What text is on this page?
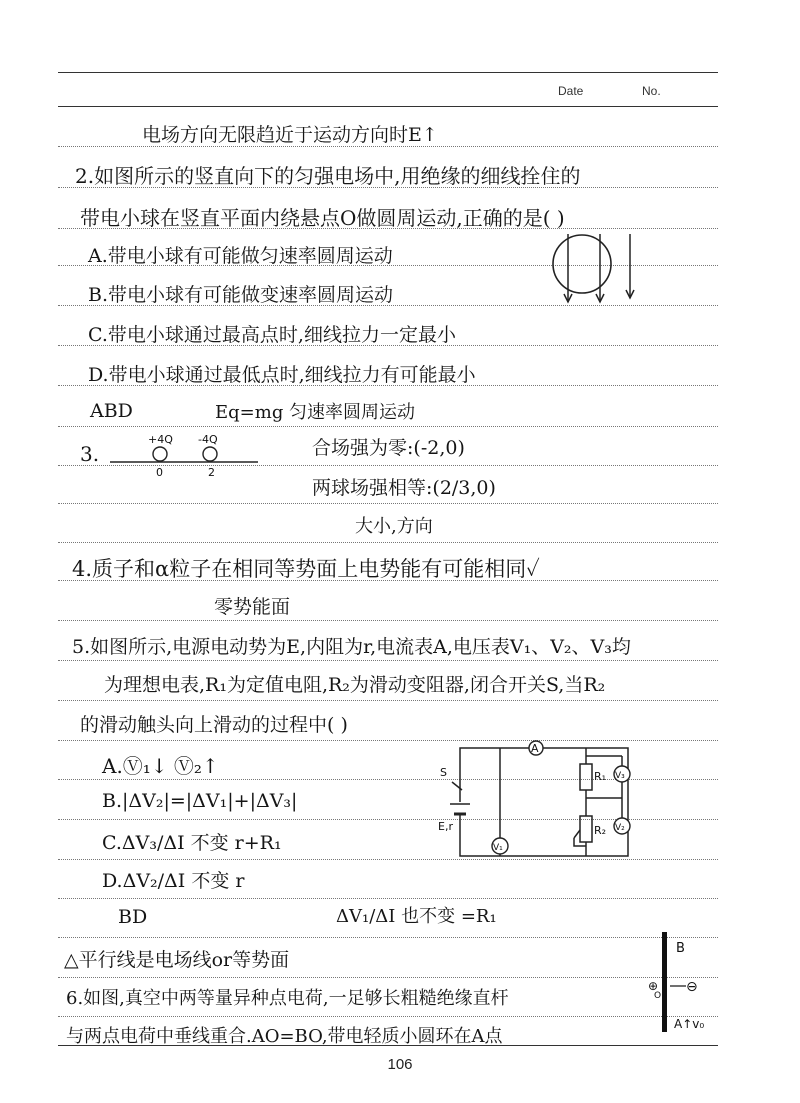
Date	No.
电场方向无限趋近于运动方向时Ε↑
2.如图所示的竖直向下的匀强电场中,用绝缘的细线拴住的
带电小球在竖直平面内绕悬点O做圆周运动,正确的是( )
A.带电小球有可能做匀速率圆周运动
B.带电小球有可能做变速率圆周运动
C.带电小球通过最高点时,细线拉力一定最小
D.带电小球通过最低点时,细线拉力有可能最小
ABD	Eq=mg 匀速率圆周运动
3.	合场强为零:(-2,0)
两球场强相等:(2/3,0)
大小,方向
4.质子和α粒子在相同等势面上电势能有可能相同✓
零势能面
5.如图所示,电源电动势为E,内阻为r,电流表A,电压表V₁、V₂、V₃均
为理想电表,R₁为定值电阻,R₂为滑动变阻器,闭合开关S,当R₂
的滑动触头向上滑动的过程中( )
A.Ⓥ₁↓ Ⓥ₂↑
B.|ΔV₂|=|ΔV₁|+|ΔV₃|
C.ΔV₃/ΔI 不变 r+R₁
D.ΔV₂/ΔI 不变 r
BD	ΔV₁/ΔI 也不变 =R₁
△平行线是电场线or等势面
6.如图,真空中两等量异种点电荷,一足够长粗糙绝缘直杆
与两点电荷中垂线重合.AO=BO,带电轻质小圆环在A点
+4Q -4Q
0	2
A
V₁
V₃
V₂
R₁
R₂
S
E,r
B
⊕
O
⊖
A↑v₀
106
